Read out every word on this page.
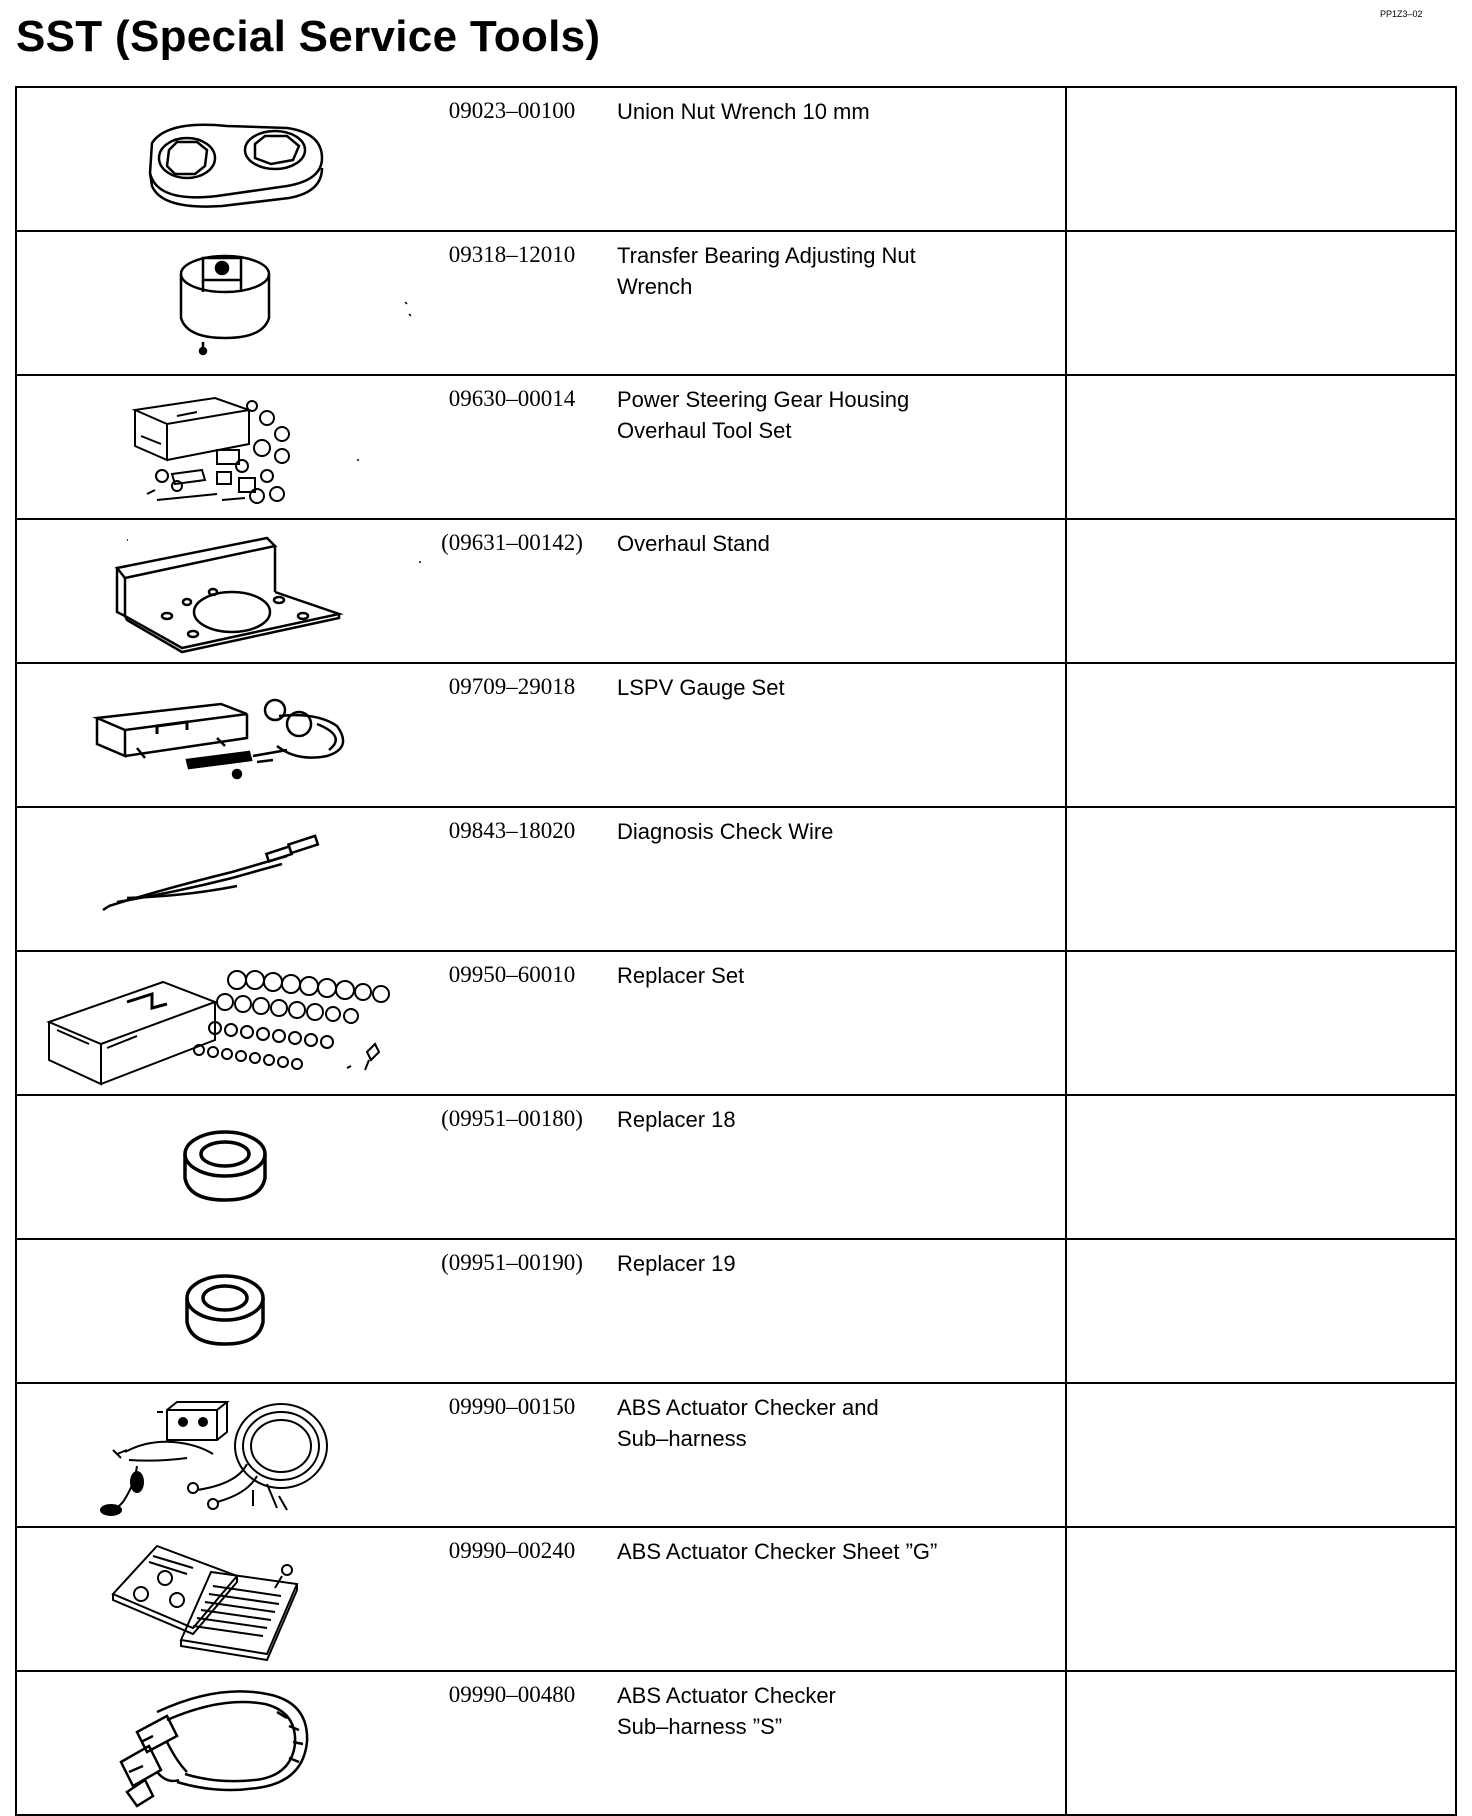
PP1Z3–02
SST (Special Service Tools)
09023–00100 Union Nut Wrench 10 mm	

09318–12010 Transfer Bearing Adjusting Nut
Wrench	

09630–00014 Power Steering Gear Housing
Overhaul Tool Set	

(09631–00142) Overhaul Stand	

09709–29018 LSPV Gauge Set	

09843–18020 Diagnosis Check Wire	

09950–60010 Replacer Set	

(09951–00180) Replacer 18	

(09951–00190) Replacer 19	

09990–00150 ABS Actuator Checker and
Sub–harness	

09990–00240 ABS Actuator Checker Sheet ”G”	

09990–00480 ABS Actuator Checker
Sub–harness ”S”	
